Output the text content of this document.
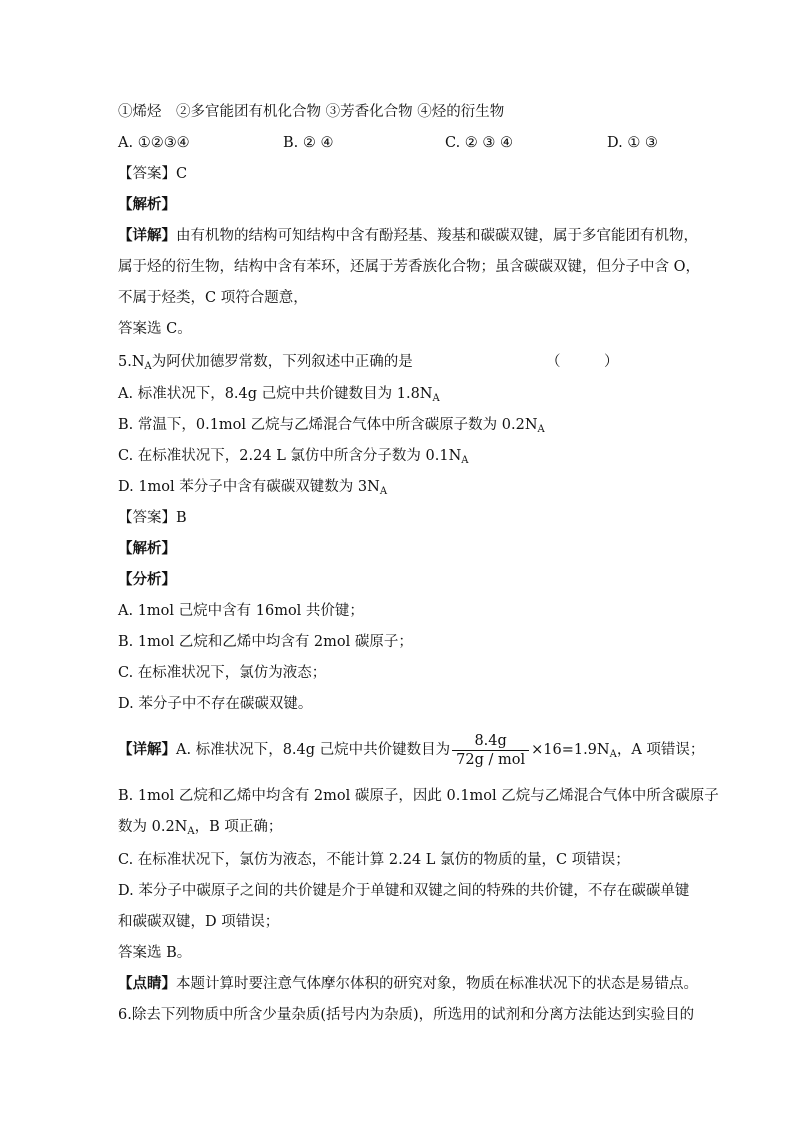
①烯烃　②多官能团有机化合物 ③芳香化合物 ④烃的衍生物
A. ①②③④	B. ② ④	C. ② ③ ④	D. ① ③
【答案】C
【解析】
【详解】由有机物的结构可知结构中含有酚羟基、羧基和碳碳双键，属于多官能团有机物，
属于烃的衍生物，结构中含有苯环，还属于芳香族化合物；虽含碳碳双键，但分子中含 O，
不属于烃类，C 项符合题意，
答案选 C。
$5.N_A$为阿伏加德罗常数，下列叙述中正确的是	（　　　）
A. 标准状况下，8.4g 己烷中共价键数目为 $1.8N_A$
B. 常温下，0.1mol 乙烷与乙烯混合气体中所含碳原子数为 $0.2N_A$
C. 在标准状况下，2.24 L 氯仿中所含分子数为 $0.1N_A$
D. 1mol 苯分子中含有碳碳双键数为 $3N_A$
【答案】B
【解析】
【分析】
A. 1mol 己烷中含有 16mol 共价键；
B. 1mol 乙烷和乙烯中均含有 2mol 碳原子；
C. 在标准状况下，氯仿为液态；
D. 苯分子中不存在碳碳双键。
【详解】A. 标准状况下，8.4g 己烷中共价键数目为 $\frac{8.4g}{\text{72g / mol}} \times 16=1.9N_A$，A 项错误；
B. 1mol 乙烷和乙烯中均含有 2mol 碳原子，因此 0.1mol 乙烷与乙烯混合气体中所含碳原子
数为 $0.2N_A$，B 项正确；
C. 在标准状况下，氯仿为液态，不能计算 2.24 L 氯仿的物质的量，C 项错误；
D. 苯分子中碳原子之间的共价键是介于单键和双键之间的特殊的共价键，不存在碳碳单键
和碳碳双键，D 项错误；
答案选 B。
【点睛】本题计算时要注意气体摩尔体积的研究对象，物质在标准状况下的状态是易错点。
6.除去下列物质中所含少量杂质(括号内为杂质)，所选用的试剂和分离方法能达到实验目的
